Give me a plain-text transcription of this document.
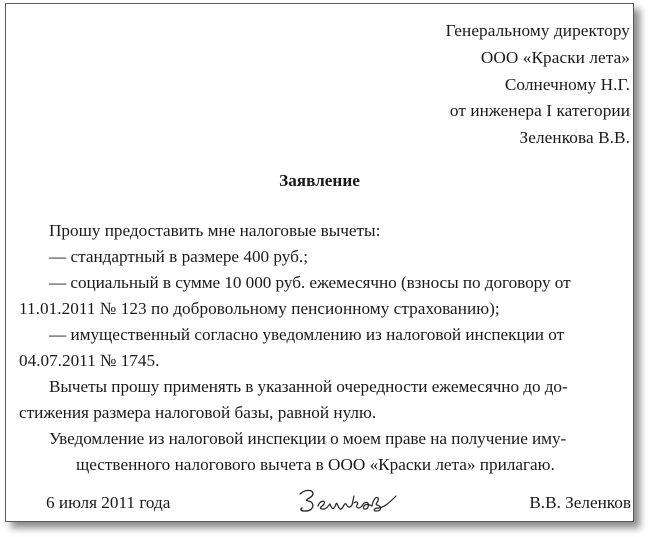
Генеральному директору
ООО «Краски лета»
Солнечному Н.Г.
от инженера I категории
Зеленкова В.В.
Заявление
Прошу предоставить мне налоговые вычеты:
— стандартный в размере 400 руб.;
— социальный в сумме 10 000 руб. ежемесячно (взносы по договору от
11.01.2011 № 123 по добровольному пенсионному страхованию);
— имущественный согласно уведомлению из налоговой инспекции от
04.07.2011 № 1745.
Вычеты прошу применять в указанной очередности ежемесячно до до-
стижения размера налоговой базы, равной нулю.
Уведомление из налоговой инспекции о моем праве на получение иму-
щественного налогового вычета в ООО «Краски лета» прилагаю.
6 июля 2011 года	В.В. Зеленков
